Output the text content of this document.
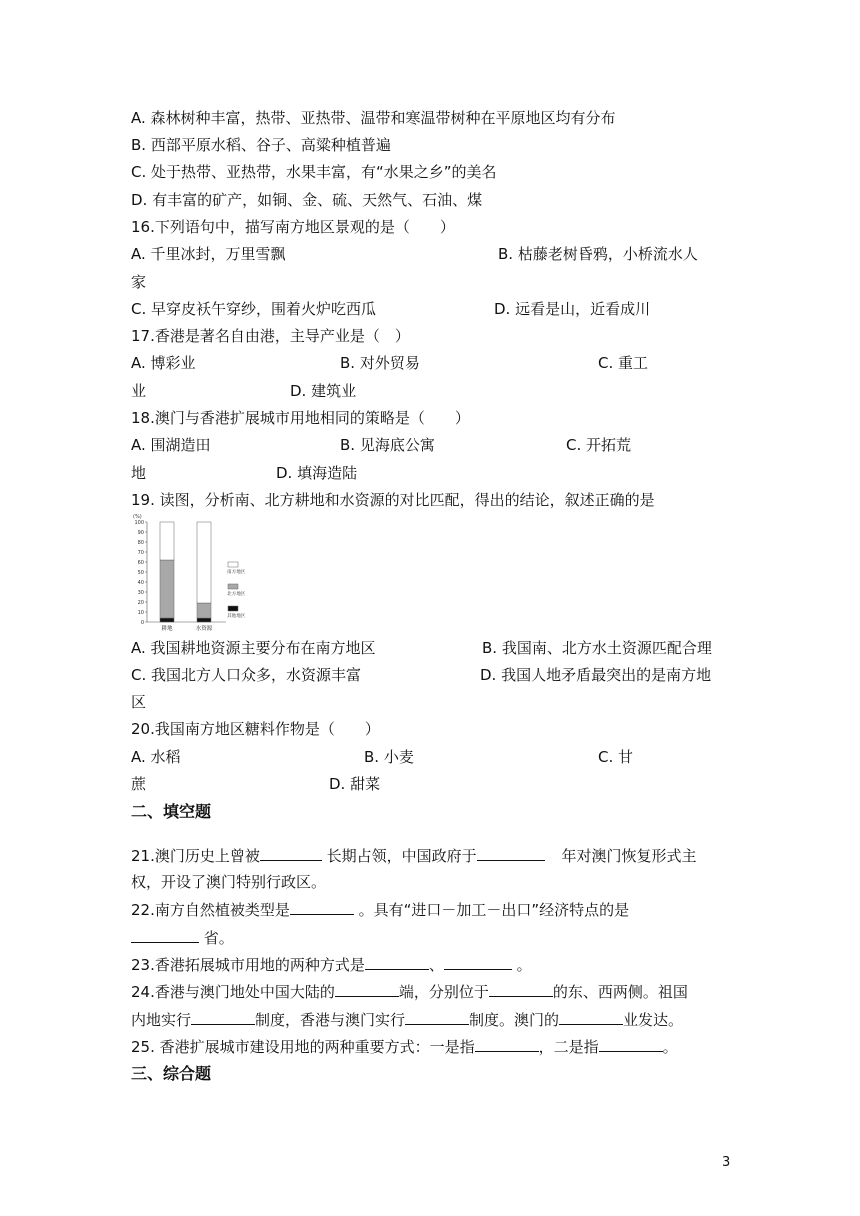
A. 森林树种丰富，热带、亚热带、温带和寒温带树种在平原地区均有分布
B. 西部平原水稻、谷子、高粱种植普遍
C. 处于热带、亚热带，水果丰富，有“水果之乡”的美名
D. 有丰富的矿产，如铜、金、硫、天然气、石油、煤
16.下列语句中，描写南方地区景观的是（　　）
A. 千里冰封，万里雪飘	B. 枯藤老树昏鸦，小桥流水人
家
C. 早穿皮袄午穿纱，围着火炉吃西瓜	D. 远看是山，近看成川
17.香港是著名自由港，主导产业是（　）
A. 博彩业	B. 对外贸易	C. 重工
业	D. 建筑业
18.澳门与香港扩展城市用地相同的策略是（　　）
A. 围湖造田	B. 见海底公寓	C. 开拓荒
地	D. 填海造陆
19. 读图，分析南、北方耕地和水资源的对比匹配，得出的结论，叙述正确的是
(%)
100
90
80
70
60
50
40
30
20
10
0
耕地	水资源
南方地区
北方地区
其他地区
A. 我国耕地资源主要分布在南方地区	B. 我国南、北方水土资源匹配合理
C. 我国北方人口众多，水资源丰富	D. 我国人地矛盾最突出的是南方地
区
20.我国南方地区糖料作物是（　　）
A. 水稻	B. 小麦	C. 甘
蔗	D. 甜菜
二、填空题
21.澳门历史上曾被	长期占领，中国政府于	年对澳门恢复形式主
权，开设了澳门特别行政区。
22.南方自然植被类型是	。具有“进口－加工－出口”经济特点的是
省。
23.香港拓展城市用地的两种方式是	、	。
24.香港与澳门地处中国大陆的	端，分别位于	的东、西两侧。祖国
内地实行	制度，香港与澳门实行	制度。澳门的	业发达。
25. 香港扩展城市建设用地的两种重要方式：一是指	，二是指	。
三、综合题
3
